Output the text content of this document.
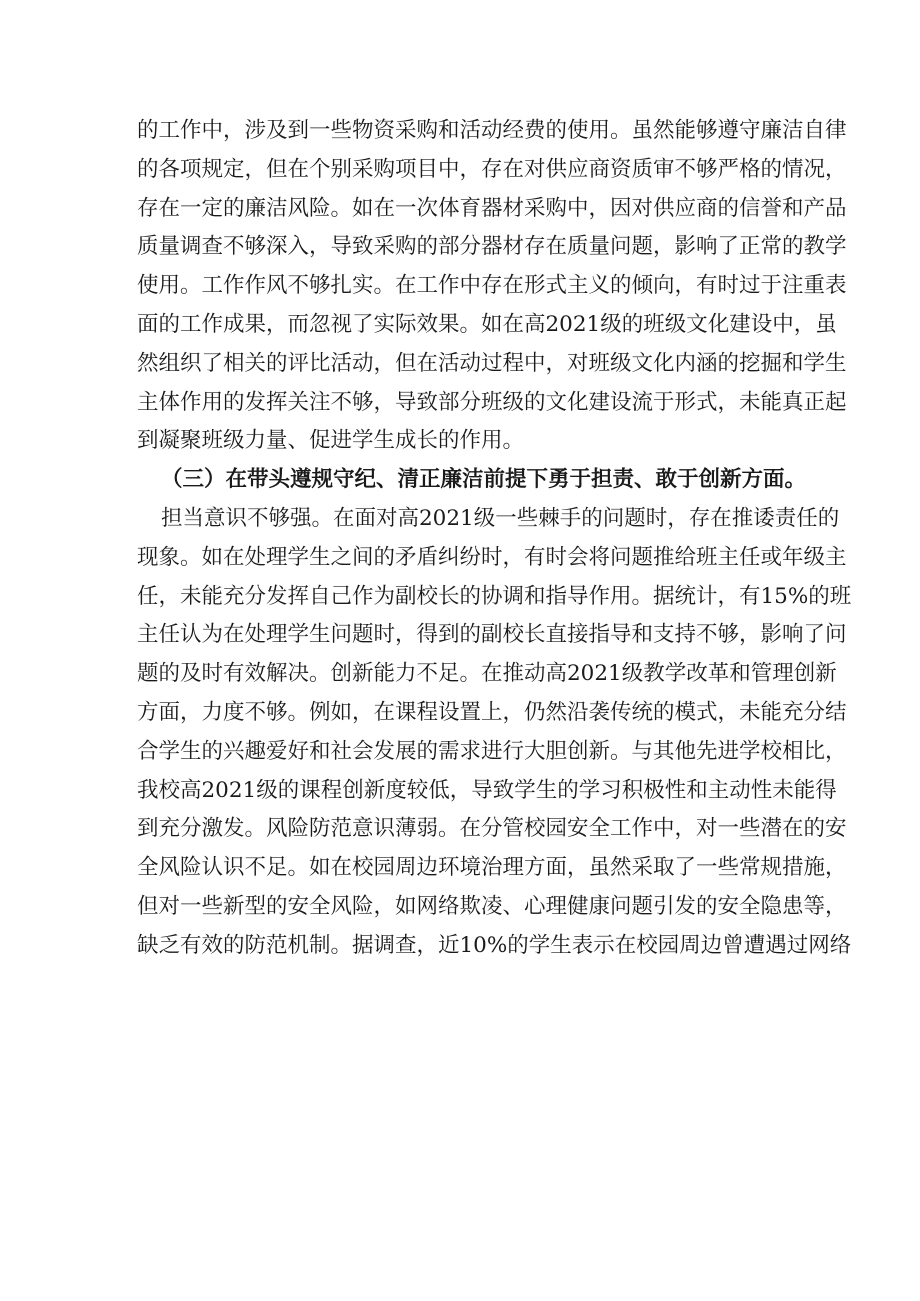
的工作中，涉及到一些物资采购和活动经费的使用。虽然能够遵守廉洁自律
的各项规定，但在个别采购项目中，存在对供应商资质审不够严格的情况，
存在一定的廉洁风险。如在一次体育器材采购中，因对供应商的信誉和产品
质量调查不够深入，导致采购的部分器材存在质量问题，影响了正常的教学
使用。工作作风不够扎实。在工作中存在形式主义的倾向，有时过于注重表
面的工作成果，而忽视了实际效果。如在高2021级的班级文化建设中，虽
然组织了相关的评比活动，但在活动过程中，对班级文化内涵的挖掘和学生
主体作用的发挥关注不够，导致部分班级的文化建设流于形式，未能真正起
到凝聚班级力量、促进学生成长的作用。
（三）在带头遵规守纪、清正廉洁前提下勇于担责、敢于创新方面。
担当意识不够强。在面对高2021级一些棘手的问题时，存在推诿责任的
现象。如在处理学生之间的矛盾纠纷时，有时会将问题推给班主任或年级主
任，未能充分发挥自己作为副校长的协调和指导作用。据统计，有15%的班
主任认为在处理学生问题时，得到的副校长直接指导和支持不够，影响了问
题的及时有效解决。创新能力不足。在推动高2021级教学改革和管理创新
方面，力度不够。例如，在课程设置上，仍然沿袭传统的模式，未能充分结
合学生的兴趣爱好和社会发展的需求进行大胆创新。与其他先进学校相比，
我校高2021级的课程创新度较低，导致学生的学习积极性和主动性未能得
到充分激发。风险防范意识薄弱。在分管校园安全工作中，对一些潜在的安
全风险认识不足。如在校园周边环境治理方面，虽然采取了一些常规措施，
但对一些新型的安全风险，如网络欺凌、心理健康问题引发的安全隐患等，
缺乏有效的防范机制。据调查，近10%的学生表示在校园周边曾遭遇过网络
